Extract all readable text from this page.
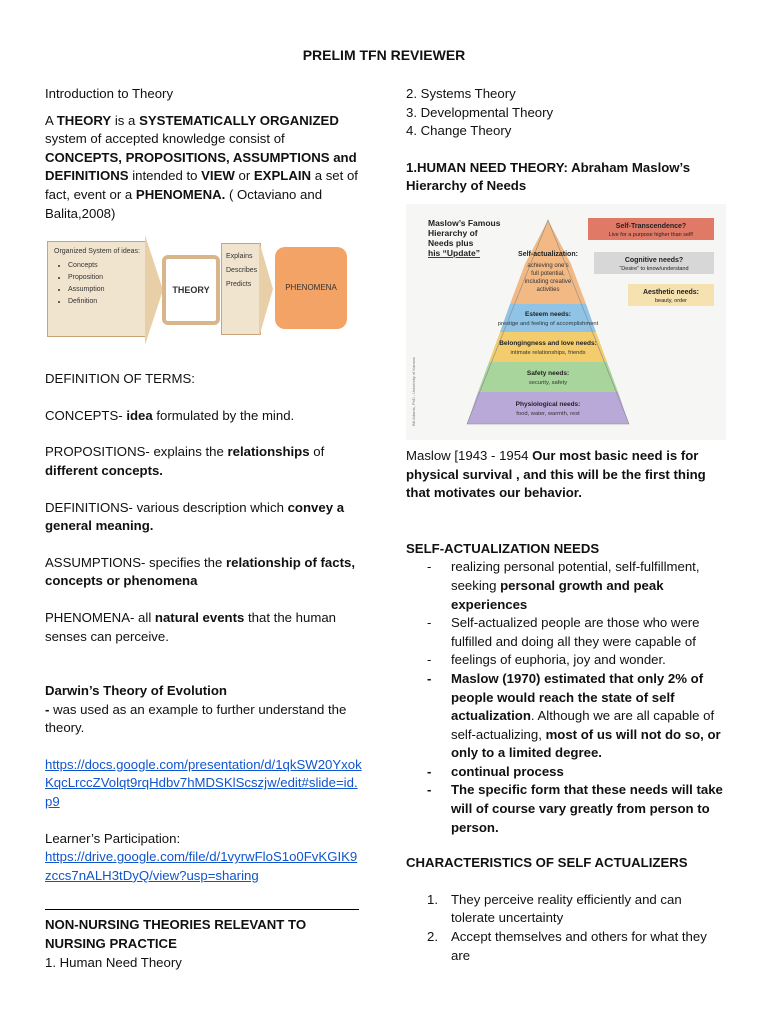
PRELIM TFN REVIEWER

Introduction to Theory

A THEORY is a SYSTEMATICALLY ORGANIZED system of accepted knowledge consist of CONCEPTS, PROPOSITIONS, ASSUMPTIONS and DEFINITIONS intended to VIEW or EXPLAIN a set of fact, event or a PHENOMENA. ( Octaviano and Balita,2008)

Organized System of ideas:
• Concepts
• Proposition
• Assumption
• Definition
THEORY
Explains
Describes
Predicts	PHENOMENA

DEFINITION OF TERMS:

CONCEPTS- idea formulated by the mind.

PROPOSITIONS- explains the relationships of different concepts.

DEFINITIONS- various description which convey a general meaning.

ASSUMPTIONS- specifies the relationship of facts, concepts or phenomena

PHENOMENA- all natural events that the human senses can perceive.

Darwin’s Theory of Evolution

- was used as an example to further understand the theory.

https://docs.google.com/presentation/d/1qkSW20YxokKqcLrccZVolqt9rqHdbv7hMDSKlScszjw/edit#slide=id.p9

Learner’s Participation:

https://drive.google.com/file/d/1vyrwFloS1o0FvKGIK9zccs7nALH3tDyQ/view?usp=sharing

NON-NURSING THEORIES RELEVANT TO NURSING PRACTICE

1. Human Need Theory

2. Systems Theory

3. Developmental Theory

4. Change Theory

1.HUMAN NEED THEORY: Abraham Maslow’s Hierarchy of Needs

Maslow’s Famous
Hierarchy of
Needs plus
his “Update”	Self-actualization:
achieving one’s
full potential,
including creative
activities
Esteem needs:
prestige and feeling of accomplishment
Belongingness and love needs:
intimate relationships, friends
Safety needs:
security, safety
Physiological needs:
food, water, warmth, rest
Self-Transcendence?
Live for a purpose higher than self!
Cognitive needs?
“Desire” to know/understand
Aesthetic needs:
beauty, order
Bill Adams, PhD - University of Kansas

Maslow [1943 - 1954 Our most basic need is for physical survival , and this will be the first thing that motivates our behavior.

SELF-ACTUALIZATION NEEDS

- realizing personal potential, self-fulfillment, seeking personal growth and peak experiences
- Self-actualized people are those who were fulfilled and doing all they were capable of
- feelings of euphoria, joy and wonder.
- Maslow (1970) estimated that only 2% of people would reach the state of self actualization. Although we are all capable of self-actualizing, most of us will not do so, or only to a limited degree.
- continual process
- The specific form that these needs will take will of course vary greatly from person to person.

CHARACTERISTICS OF SELF ACTUALIZERS

1. They perceive reality efficiently and can tolerate uncertainty
2. Accept themselves and others for what they are
